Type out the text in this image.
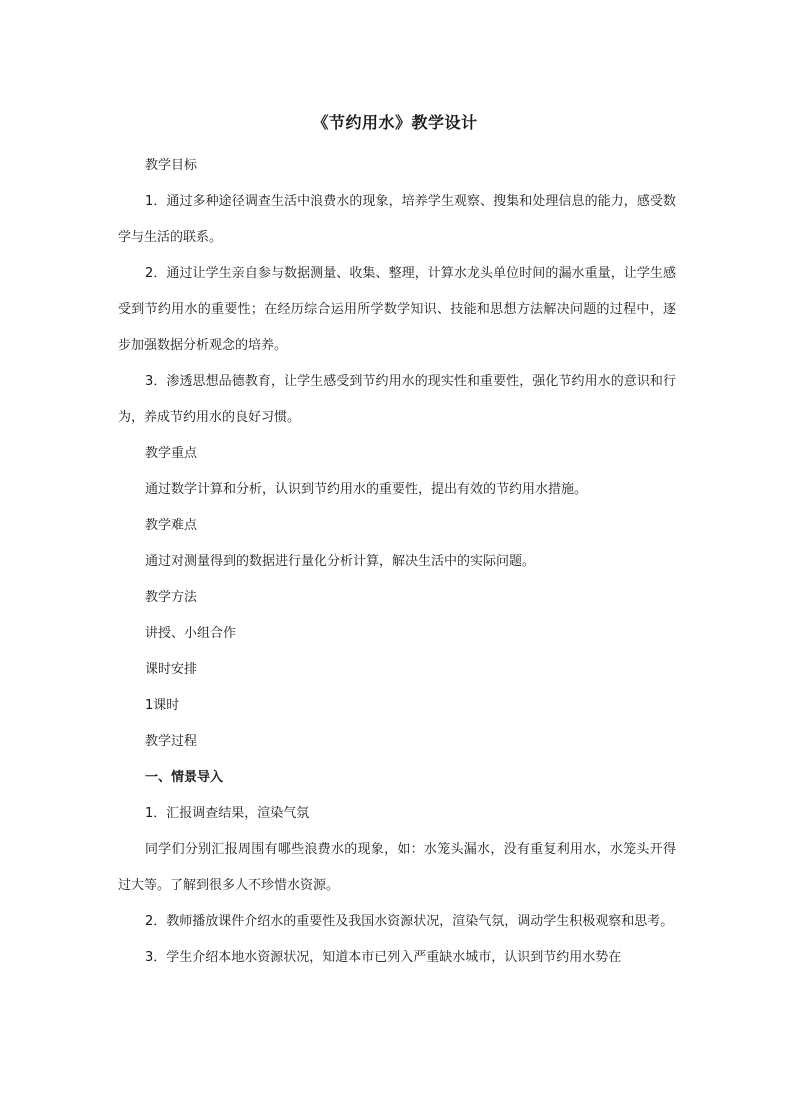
《节约用水》教学设计

教学目标

1．通过多种途径调查生活中浪费水的现象，培养学生观察、搜集和处理信息的能力，感受数学与生活的联系。

2．通过让学生亲自参与数据测量、收集、整理，计算水龙头单位时间的漏水重量，让学生感受到节约用水的重要性；在经历综合运用所学数学知识、技能和思想方法解决问题的过程中，逐步加强数据分析观念的培养。

3．渗透思想品德教育，让学生感受到节约用水的现实性和重要性，强化节约用水的意识和行为，养成节约用水的良好习惯。

教学重点

通过数学计算和分析，认识到节约用水的重要性，提出有效的节约用水措施。

教学难点

通过对测量得到的数据进行量化分析计算，解决生活中的实际问题。

教学方法

讲授、小组合作

课时安排

1课时

教学过程

一、情景导入

1．汇报调查结果，渲染气氛

同学们分别汇报周围有哪些浪费水的现象，如：水笼头漏水，没有重复利用水，水笼头开得过大等。了解到很多人不珍惜水资源。

2．教师播放课件介绍水的重要性及我国水资源状况，渲染气氛，调动学生积极观察和思考。

3．学生介绍本地水资源状况，知道本市已列入严重缺水城市，认识到节约用水势在
